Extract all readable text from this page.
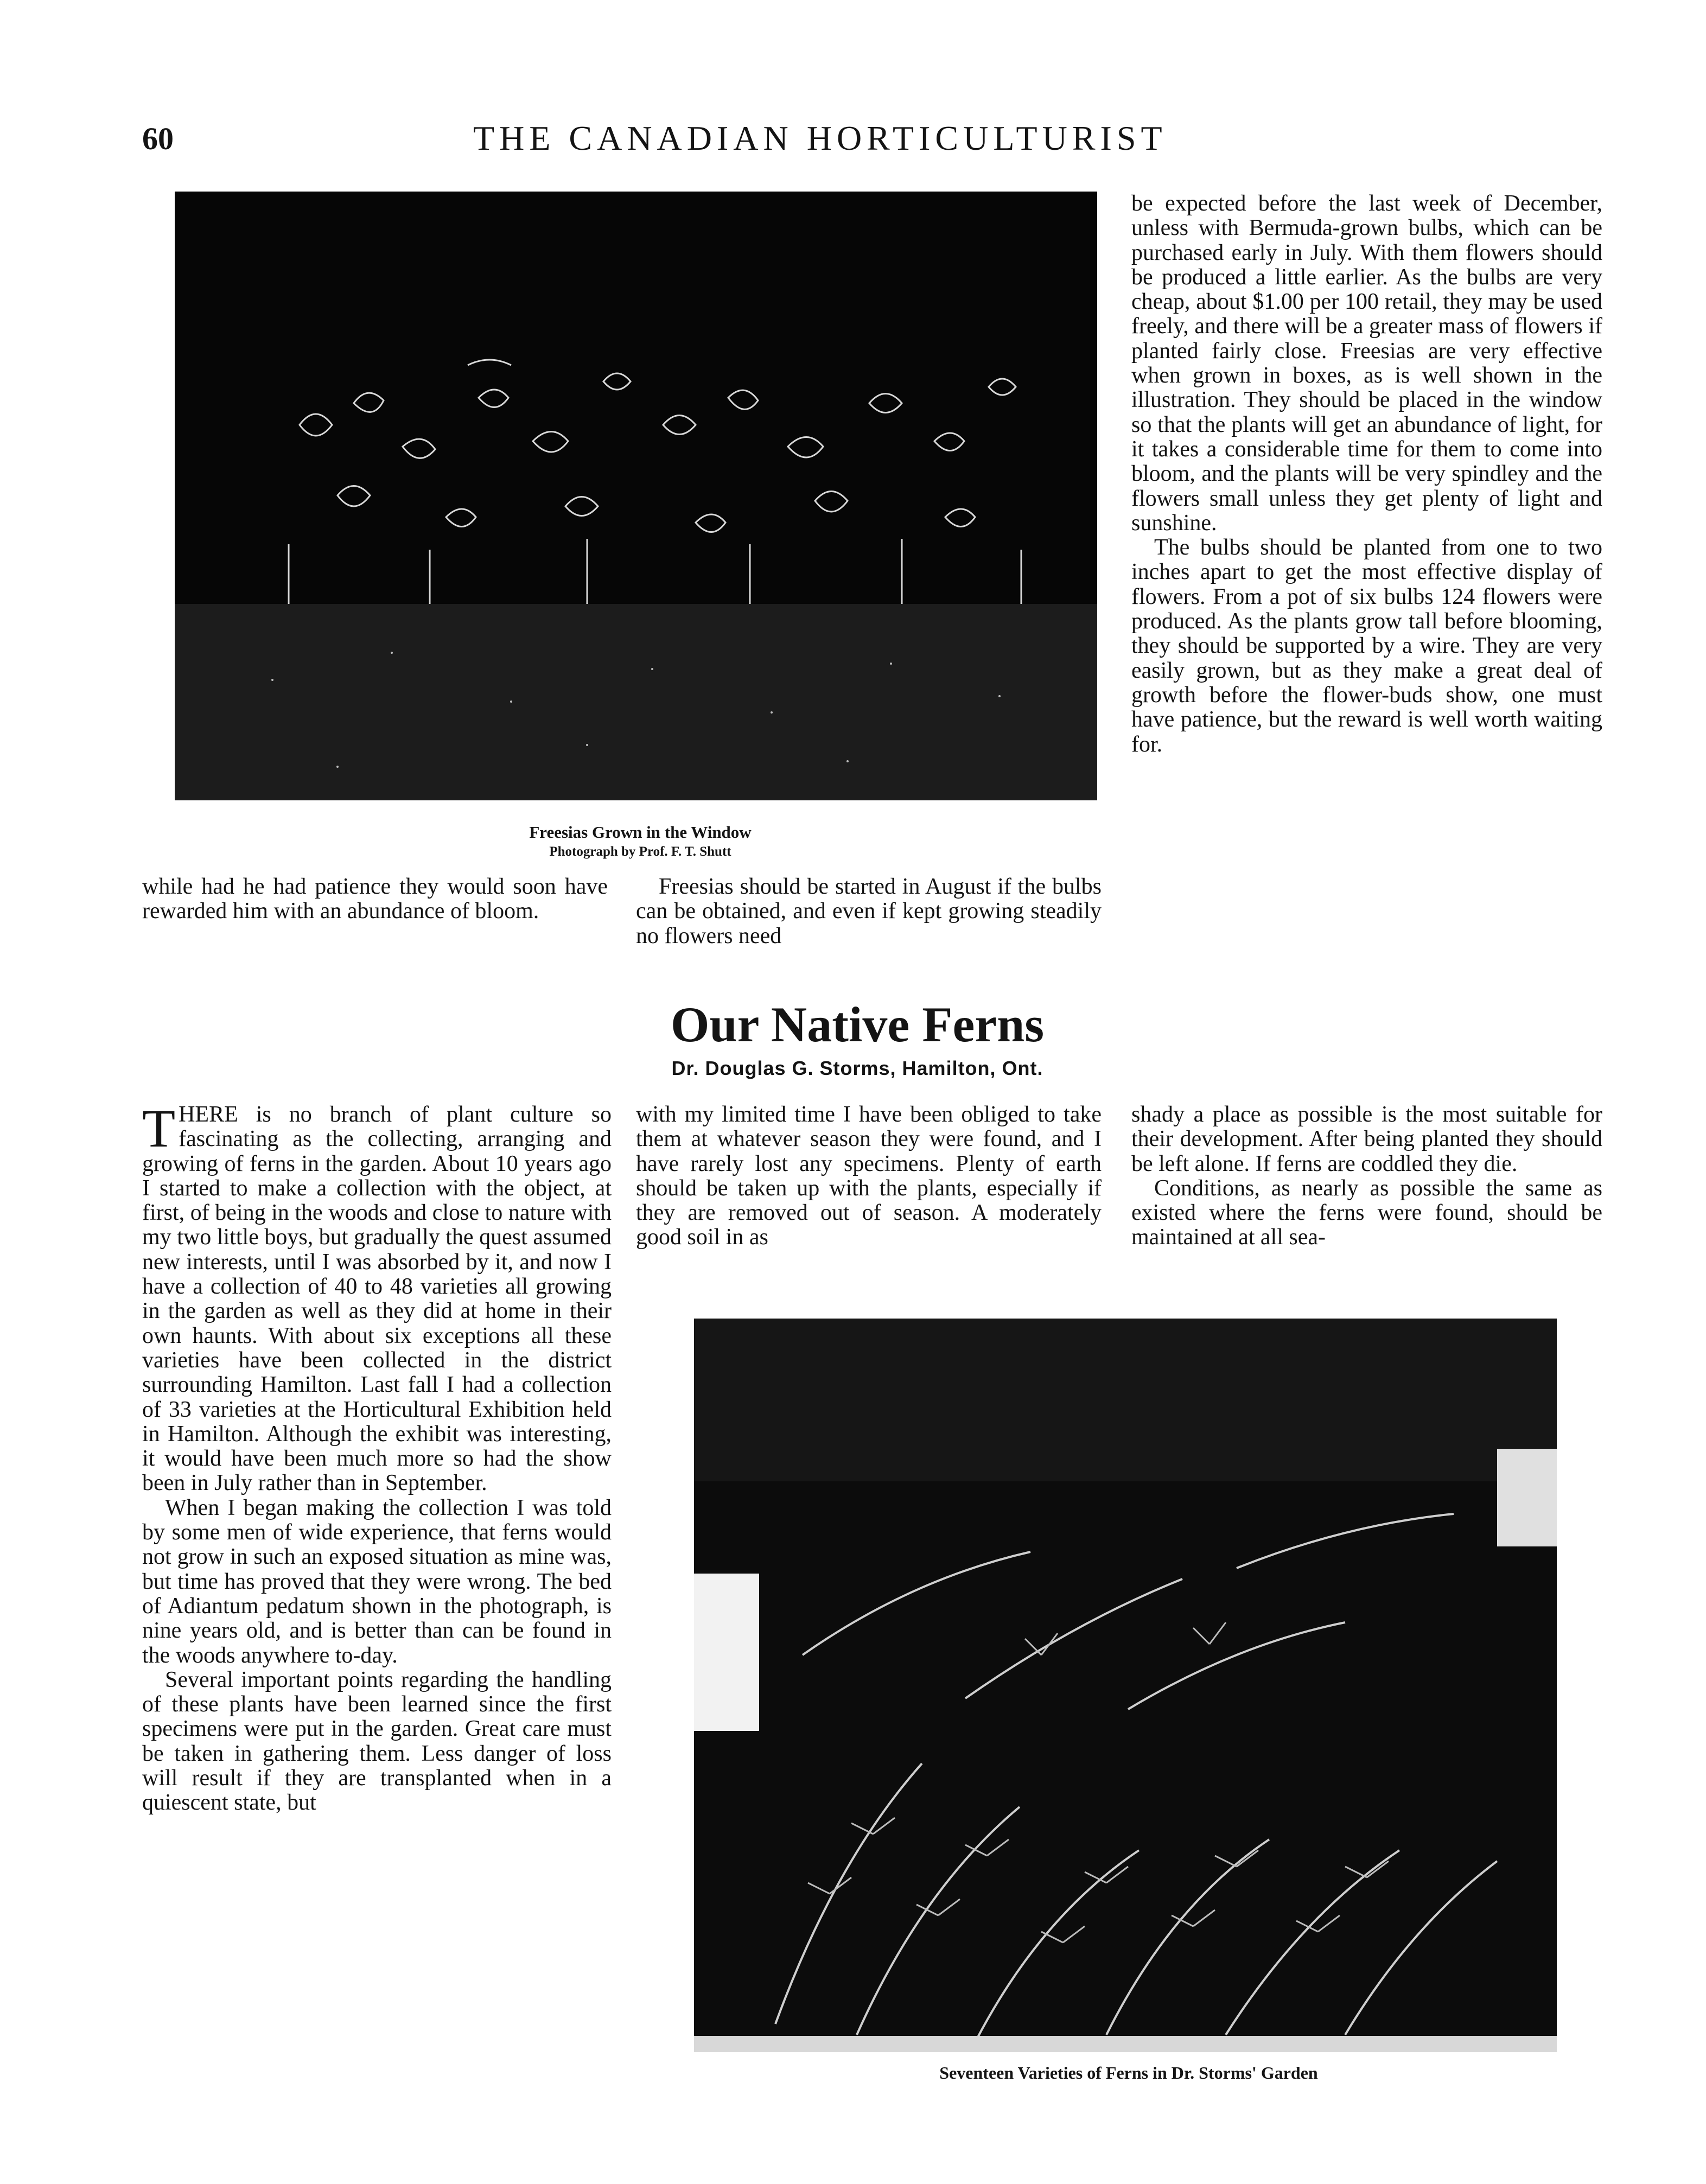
60	THE CANADIAN HORTICULTURIST
Freesias Grown in the Window
Photograph by Prof. F. T. Shutt

be expected before the last week of December, unless with Bermuda-grown bulbs, which can be purchased early in July. With them flowers should be produced a little earlier. As the bulbs are very cheap, about $1.00 per 100 retail, they may be used freely, and there will be a greater mass of flowers if planted fairly close. Freesias are very effective when grown in boxes, as is well shown in the illustration. They should be placed in the window so that the plants will get an abundance of light, for it takes a considerable time for them to come into bloom, and the plants will be very spindley and the flowers small unless they get plenty of light and sunshine.

The bulbs should be planted from one to two inches apart to get the most effective display of flowers. From a pot of six bulbs 124 flowers were produced. As the plants grow tall before blooming, they should be supported by a wire. They are very easily grown, but as they make a great deal of growth before the flower-buds show, one must have patience, but the reward is well worth waiting for.

while had he had patience they would soon have rewarded him with an abundance of bloom.

Freesias should be started in August if the bulbs can be obtained, and even if kept growing steadily no flowers need

Our Native Ferns
Dr. Douglas G. Storms, Hamilton, Ont.

THERE is no branch of plant culture so fascinating as the collecting, arranging and growing of ferns in the garden. About 10 years ago I started to make a collection with the object, at first, of being in the woods and close to nature with my two little boys, but gradually the quest assumed new interests, until I was absorbed by it, and now I have a collection of 40 to 48 varieties all growing in the garden as well as they did at home in their own haunts. With about six exceptions all these varieties have been collected in the district surrounding Hamilton. Last fall I had a collection of 33 varieties at the Horticultural Exhibition held in Hamilton. Although the exhibit was interesting, it would have been much more so had the show been in July rather than in September.

When I began making the collection I was told by some men of wide experience, that ferns would not grow in such an exposed situation as mine was, but time has proved that they were wrong. The bed of Adiantum pedatum shown in the photograph, is nine years old, and is better than can be found in the woods anywhere to-day.

Several important points regarding the handling of these plants have been learned since the first specimens were put in the garden. Great care must be taken in gathering them. Less danger of loss will result if they are transplanted when in a quiescent state, but

with my limited time I have been obliged to take them at whatever season they were found, and I have rarely lost any specimens. Plenty of earth should be taken up with the plants, especially if they are removed out of season. A moderately good soil in as

shady a place as possible is the most suitable for their development. After being planted they should be left alone. If ferns are coddled they die.

Conditions, as nearly as possible the same as existed where the ferns were found, should be maintained at all sea-

Seventeen Varieties of Ferns in Dr. Storms' Garden
